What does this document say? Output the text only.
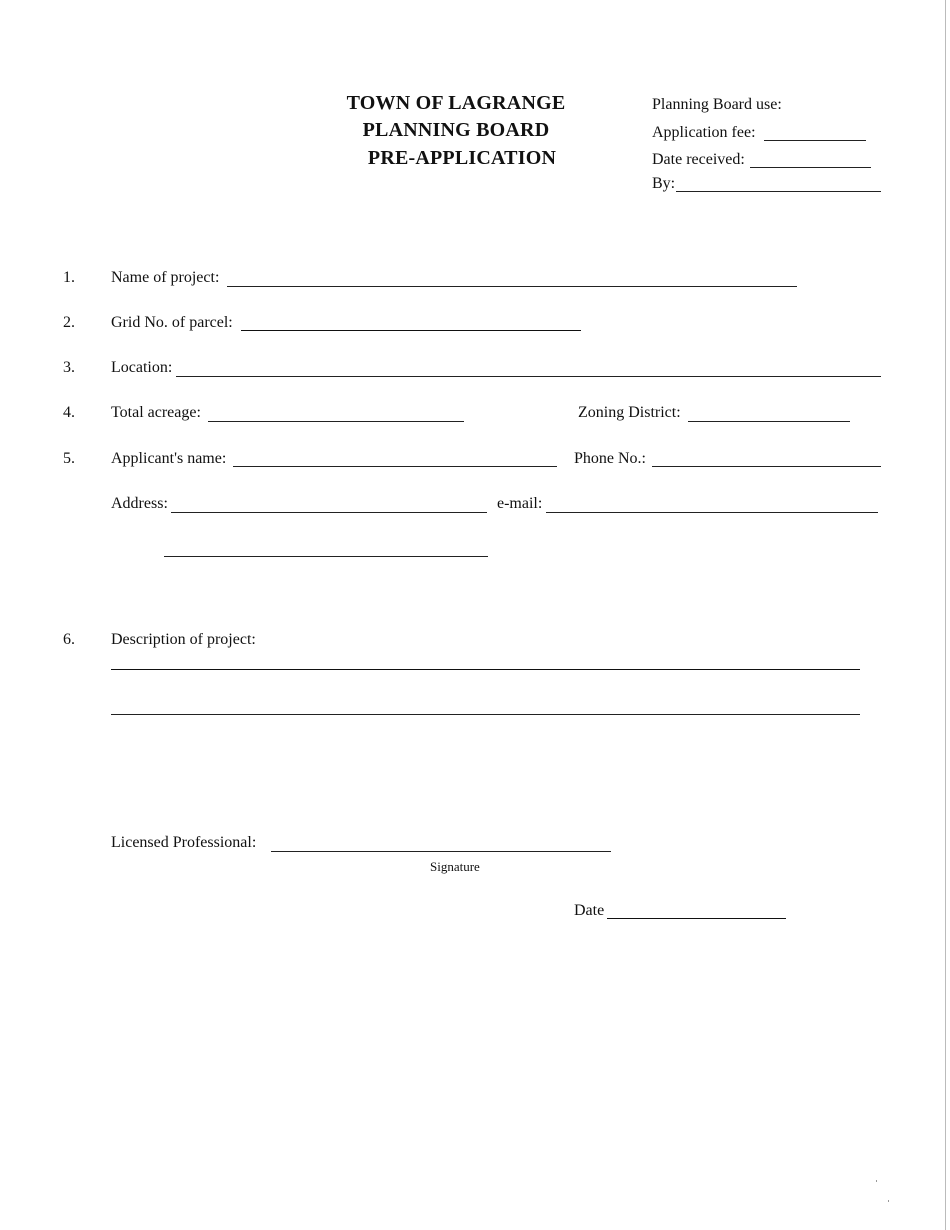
TOWN OF LAGRANGE
PLANNING BOARD
PRE-APPLICATION
Planning Board use:
Application fee:
Date received:
By:
1.	Name of project:
2.	Grid No. of parcel:
3.	Location:
4.	Total acreage:	Zoning District:
5.	Applicant's name:	Phone No.:
Address:	e-mail:
6.	Description of project:
Licensed Professional:
Signature
Date
